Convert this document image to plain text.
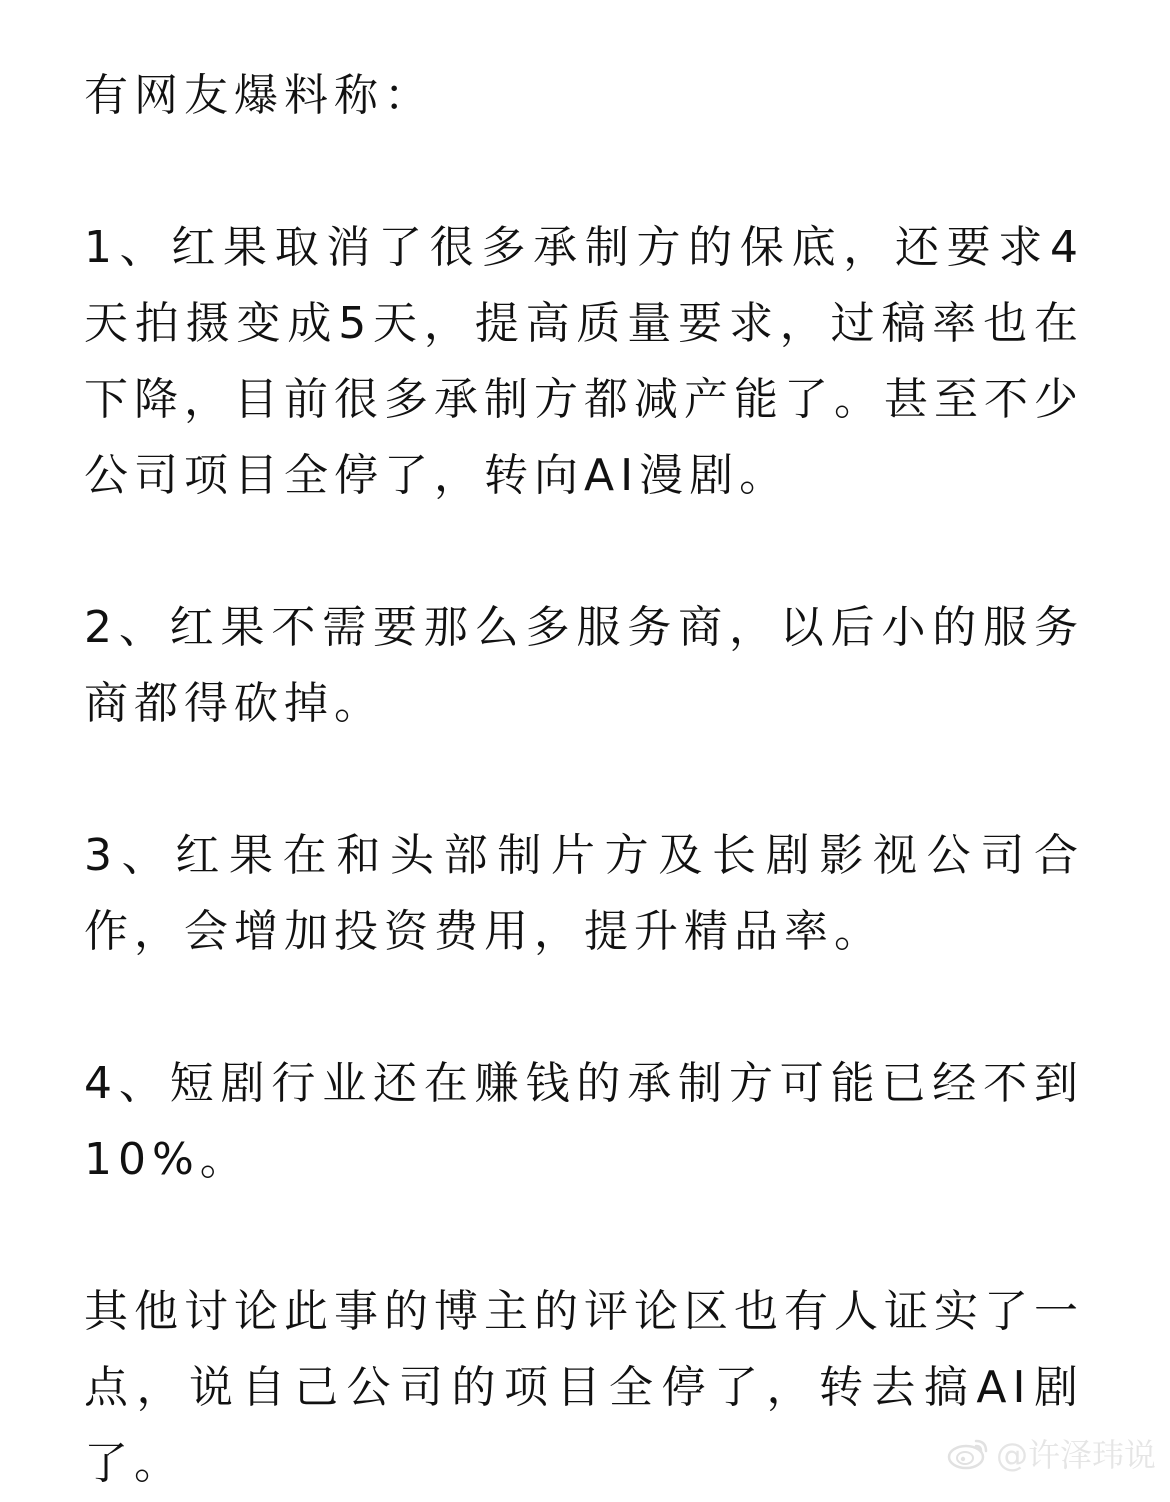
有网友爆料称：

1、红果取消了很多承制方的保底，还要求4天拍摄变成5天，提高质量要求，过稿率也在下降，目前很多承制方都减产能了。甚至不少公司项目全停了，转向AI漫剧。

2、红果不需要那么多服务商，以后小的服务商都得砍掉。

3、红果在和头部制片方及长剧影视公司合作，会增加投资费用，提升精品率。

4、短剧行业还在赚钱的承制方可能已经不到10%。

其他讨论此事的博主的评论区也有人证实了一点，说自己公司的项目全停了，转去搞AI剧了。	@许泽玮说
